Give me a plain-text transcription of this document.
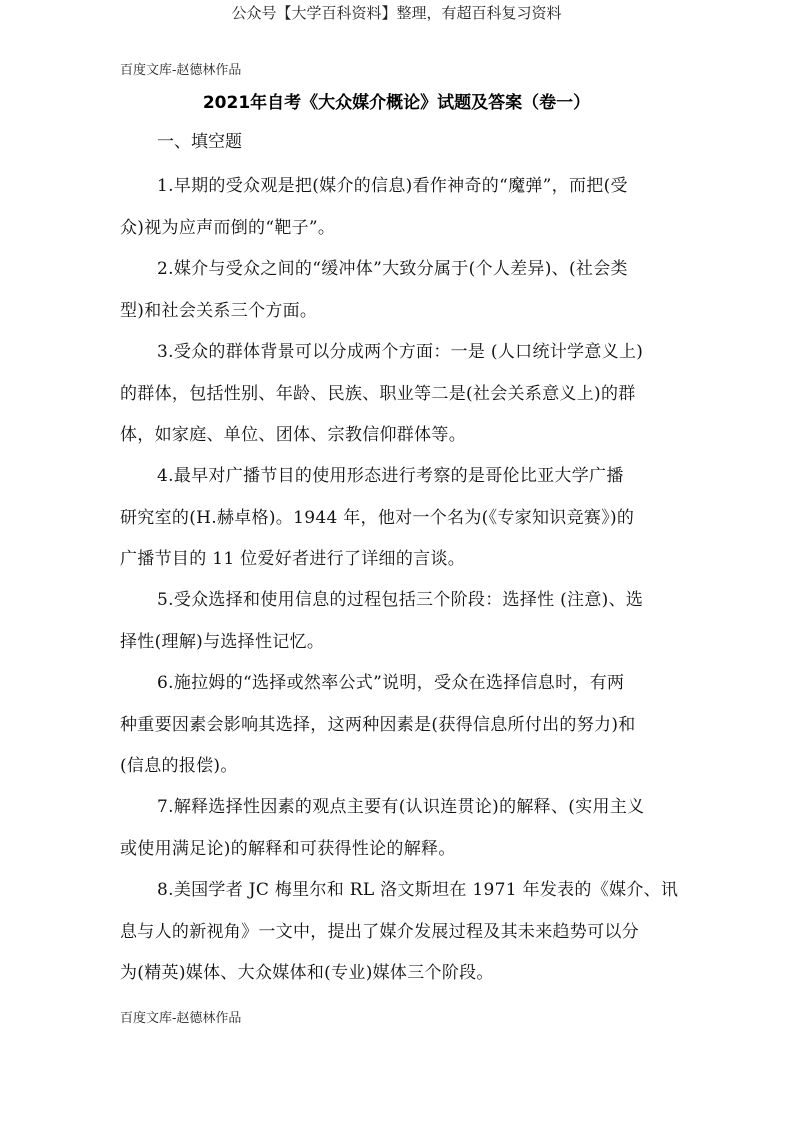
公众号【大学百科资料】整理，有超百科复习资料
百度文库-赵德林作品
2021年自考《大众媒介概论》试题及答案（卷一）
一、填空题
1.早期的受众观是把(媒介的信息)看作神奇的“魔弹”，而把(受
众)视为应声而倒的“靶子”。
2.媒介与受众之间的“缓冲体”大致分属于(个人差异)、(社会类
型)和社会关系三个方面。
3.受众的群体背景可以分成两个方面：一是 (人口统计学意义上)
的群体，包括性别、年龄、民族、职业等二是(社会关系意义上)的群
体，如家庭、单位、团体、宗教信仰群体等。
4.最早对广播节目的使用形态进行考察的是哥伦比亚大学广播
研究室的(H.赫卓格)。1944 年，他对一个名为(《专家知识竞赛》)的
广播节目的 11 位爱好者进行了详细的言谈。
5.受众选择和使用信息的过程包括三个阶段：选择性 (注意)、选
择性(理解)与选择性记忆。
6.施拉姆的“选择或然率公式”说明，受众在选择信息时，有两
种重要因素会影响其选择，这两种因素是(获得信息所付出的努力)和
(信息的报偿)。
7.解释选择性因素的观点主要有(认识连贯论)的解释、(实用主义
或使用满足论)的解释和可获得性论的解释。
8.美国学者 JC 梅里尔和 RL 洛文斯坦在 1971 年发表的《媒介、讯
息与人的新视角》一文中，提出了媒介发展过程及其未来趋势可以分
为(精英)媒体、大众媒体和(专业)媒体三个阶段。
百度文库-赵德林作品
